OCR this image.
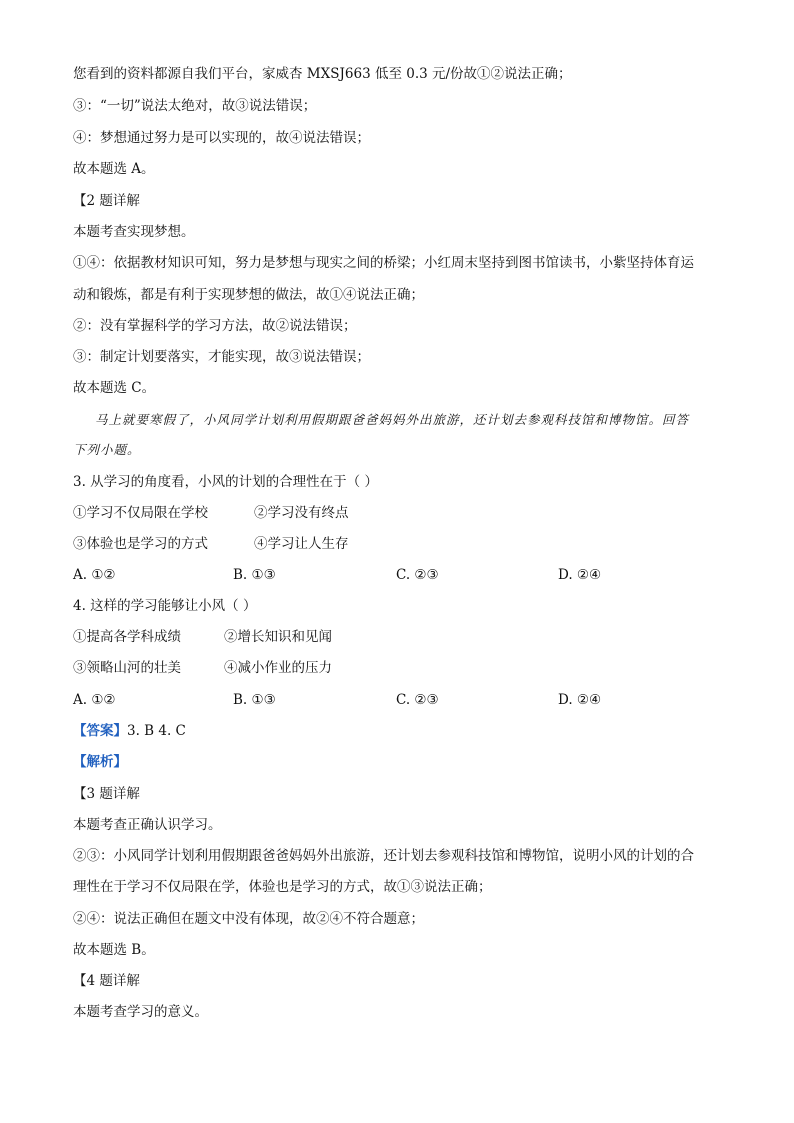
您看到的资料都源自我们平台，家威杏 MXSJ663 低至 0.3 元/份故①②说法正确；
③：“一切”说法太绝对，故③说法错误；
④：梦想通过努力是可以实现的，故④说法错误；
故本题选 A。
【2 题详解
本题考查实现梦想。
①④：依据教材知识可知，努力是梦想与现实之间的桥梁；小红周末坚持到图书馆读书，小紫坚持体育运
动和锻炼，都是有利于实现梦想的做法，故①④说法正确；
②：没有掌握科学的学习方法，故②说法错误；
③：制定计划要落实，才能实现，故③说法错误；
故本题选 C。
马上就要寒假了，小风同学计划利用假期跟爸爸妈妈外出旅游，还计划去参观科技馆和博物馆。回答
下列小题。
3. 从学习的角度看，小风的计划的合理性在于（ ）
①学习不仅局限在学校	②学习没有终点
③体验也是学习的方式	④学习让人生存
A. ①②	B. ①③	C. ②③	D. ②④
4. 这样的学习能够让小风（ ）
①提高各学科成绩	②增长知识和见闻
③领略山河的壮美	④减小作业的压力
A. ①②	B. ①③	C. ②③	D. ②④
【答案】3. B 4. C
【解析】
【3 题详解
本题考查正确认识学习。
②③：小风同学计划利用假期跟爸爸妈妈外出旅游，还计划去参观科技馆和博物馆，说明小风的计划的合
理性在于学习不仅局限在学，体验也是学习的方式，故①③说法正确；
②④：说法正确但在题文中没有体现，故②④不符合题意；
故本题选 B。
【4 题详解
本题考查学习的意义。
